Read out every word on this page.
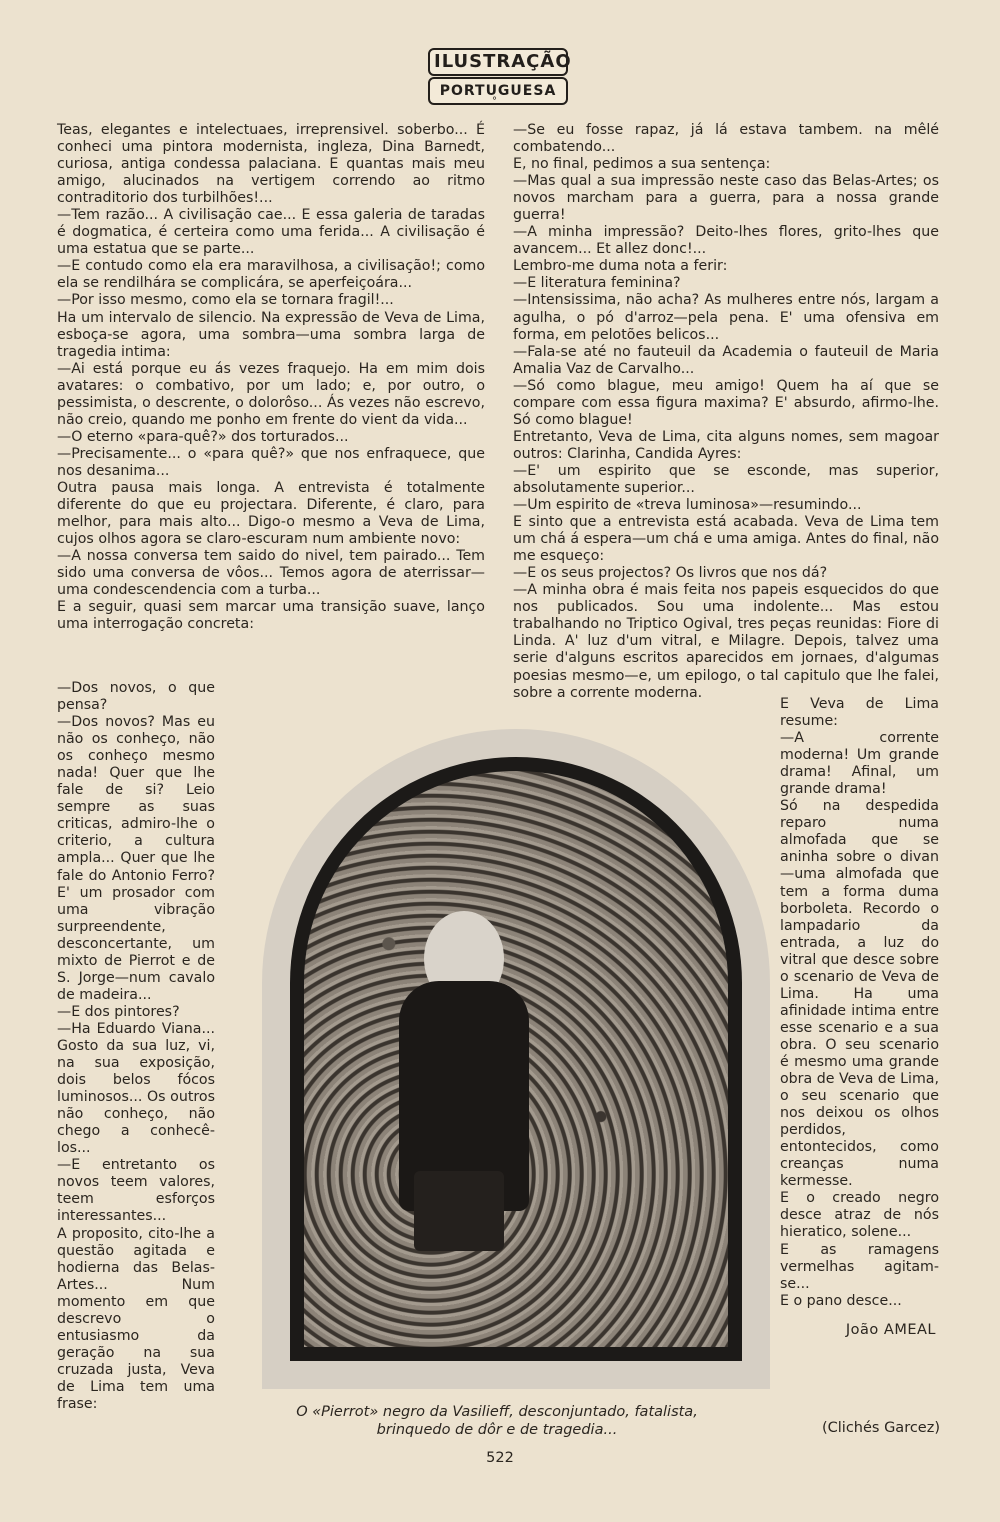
ILUSTRAÇÃO
PORTUGUESA
°

Teas, elegantes e intelectuaes, irreprensivel. soberbo... É conheci uma pintora modernista, ingleza, Dina Barnedt, curiosa, antiga condessa palaciana. E quantas mais meu amigo, alucinados na vertigem correndo ao ritmo contraditorio dos turbilhões!...

—Tem razão... A civilisação cae... E essa galeria de taradas é dogmatica, é certeira como uma ferida... A civilisação é uma estatua que se parte...

—E contudo como ela era maravilhosa, a civilisação!; como ela se rendilhára se complicára, se aperfeiçoára...

—Por isso mesmo, como ela se tornara fragil!...

Ha um intervalo de silencio. Na expressão de Veva de Lima, esboça-se agora, uma sombra—uma sombra larga de tragedia intima:

—Ai está porque eu ás vezes fraquejo. Ha em mim dois avatares: o combativo, por um lado; e, por outro, o pessimista, o descrente, o dolorôso... Ás vezes não escrevo, não creio, quando me ponho em frente do vient da vida...

—O eterno «para-quê?» dos torturados...

—Precisamente... o «para quê?» que nos enfraquece, que nos desanima...

Outra pausa mais longa. A entrevista é totalmente diferente do que eu projectara. Diferente, é claro, para melhor, para mais alto... Digo-o mesmo a Veva de Lima, cujos olhos agora se claro-escuram num ambiente novo:

—A nossa conversa tem saido do nivel, tem pairado... Tem sido uma conversa de vôos... Temos agora de aterrissar—uma condescendencia com a turba...

E a seguir, quasi sem marcar uma transição suave, lanço uma interrogação concreta:

—Dos novos, o que pensa?

—Dos novos? Mas eu não os conheço, não os conheço mesmo nada! Quer que lhe fale de si? Leio sempre as suas criticas, admiro-lhe o criterio, a cultura ampla... Quer que lhe fale do Antonio Ferro? E' um prosador com uma vibração surpreendente, desconcertante, um mixto de Pierrot e de S. Jorge—num cavalo de madeira...

—E dos pintores?

—Ha Eduardo Viana... Gosto da sua luz, vi, na sua exposição, dois belos fócos luminosos... Os outros não conheço, não chego a conhecê-los...

—E entretanto os novos teem valores, teem esforços interessantes...

A proposito, cito-lhe a questão agitada e hodierna das Belas-Artes... Num momento em que descrevo o entusiasmo da geração na sua cruzada justa, Veva de Lima tem uma frase:

—Se eu fosse rapaz, já lá estava tambem. na mêlé combatendo...

E, no final, pedimos a sua sentença:

—Mas qual a sua impressão neste caso das Belas-Artes; os novos marcham para a guerra, para a nossa grande guerra!

—A minha impressão? Deito-lhes flores, grito-lhes que avancem... Et allez donc!...

Lembro-me duma nota a ferir:

—E literatura feminina?

—Intensissima, não acha? As mulheres entre nós, largam a agulha, o pó d'arroz—pela pena. E' uma ofensiva em forma, em pelotões belicos...

—Fala-se até no fauteuil da Academia o fauteuil de Maria Amalia Vaz de Carvalho...

—Só como blague, meu amigo! Quem ha aí que se compare com essa figura maxima? E' absurdo, afirmo-lhe. Só como blague!

Entretanto, Veva de Lima, cita alguns nomes, sem magoar outros: Clarinha, Candida Ayres:

—E' um espirito que se esconde, mas superior, absolutamente superior...

—Um espirito de «treva luminosa»—resumindo...

E sinto que a entrevista está acabada. Veva de Lima tem um chá á espera—um chá e uma amiga. Antes do final, não me esqueço:

—E os seus projectos? Os livros que nos dá?

—A minha obra é mais feita nos papeis esquecidos do que nos publicados. Sou uma indolente... Mas estou trabalhando no Triptico Ogival, tres peças reunidas: Fiore di Linda. A' luz d'um vitral, e Milagre. Depois, talvez uma serie d'alguns escritos aparecidos em jornaes, d'algumas poesias mesmo—e, um epilogo, o tal capitulo que lhe falei, sobre a corrente moderna.

E Veva de Lima resume:

—A corrente moderna! Um grande drama! Afinal, um grande drama!

Só na despedida reparo numa almofada que se aninha sobre o divan—uma almofada que tem a forma duma borboleta. Recordo o lampadario da entrada, a luz do vitral que desce sobre o scenario de Veva de Lima. Ha uma afinidade intima entre esse scenario e a sua obra. O seu scenario é mesmo uma grande obra de Veva de Lima, o seu scenario que nos deixou os olhos perdidos, entontecidos, como creanças numa kermesse.

E o creado negro desce atraz de nós hieratico, solene...

E as ramagens vermelhas agitam-se...

E o pano desce...

João AMEAL
O «Pierrot» negro da Vasilieff, desconjuntado, fatalista, brinquedo de dôr e de tragedia...	(Clichés Garcez)
522
